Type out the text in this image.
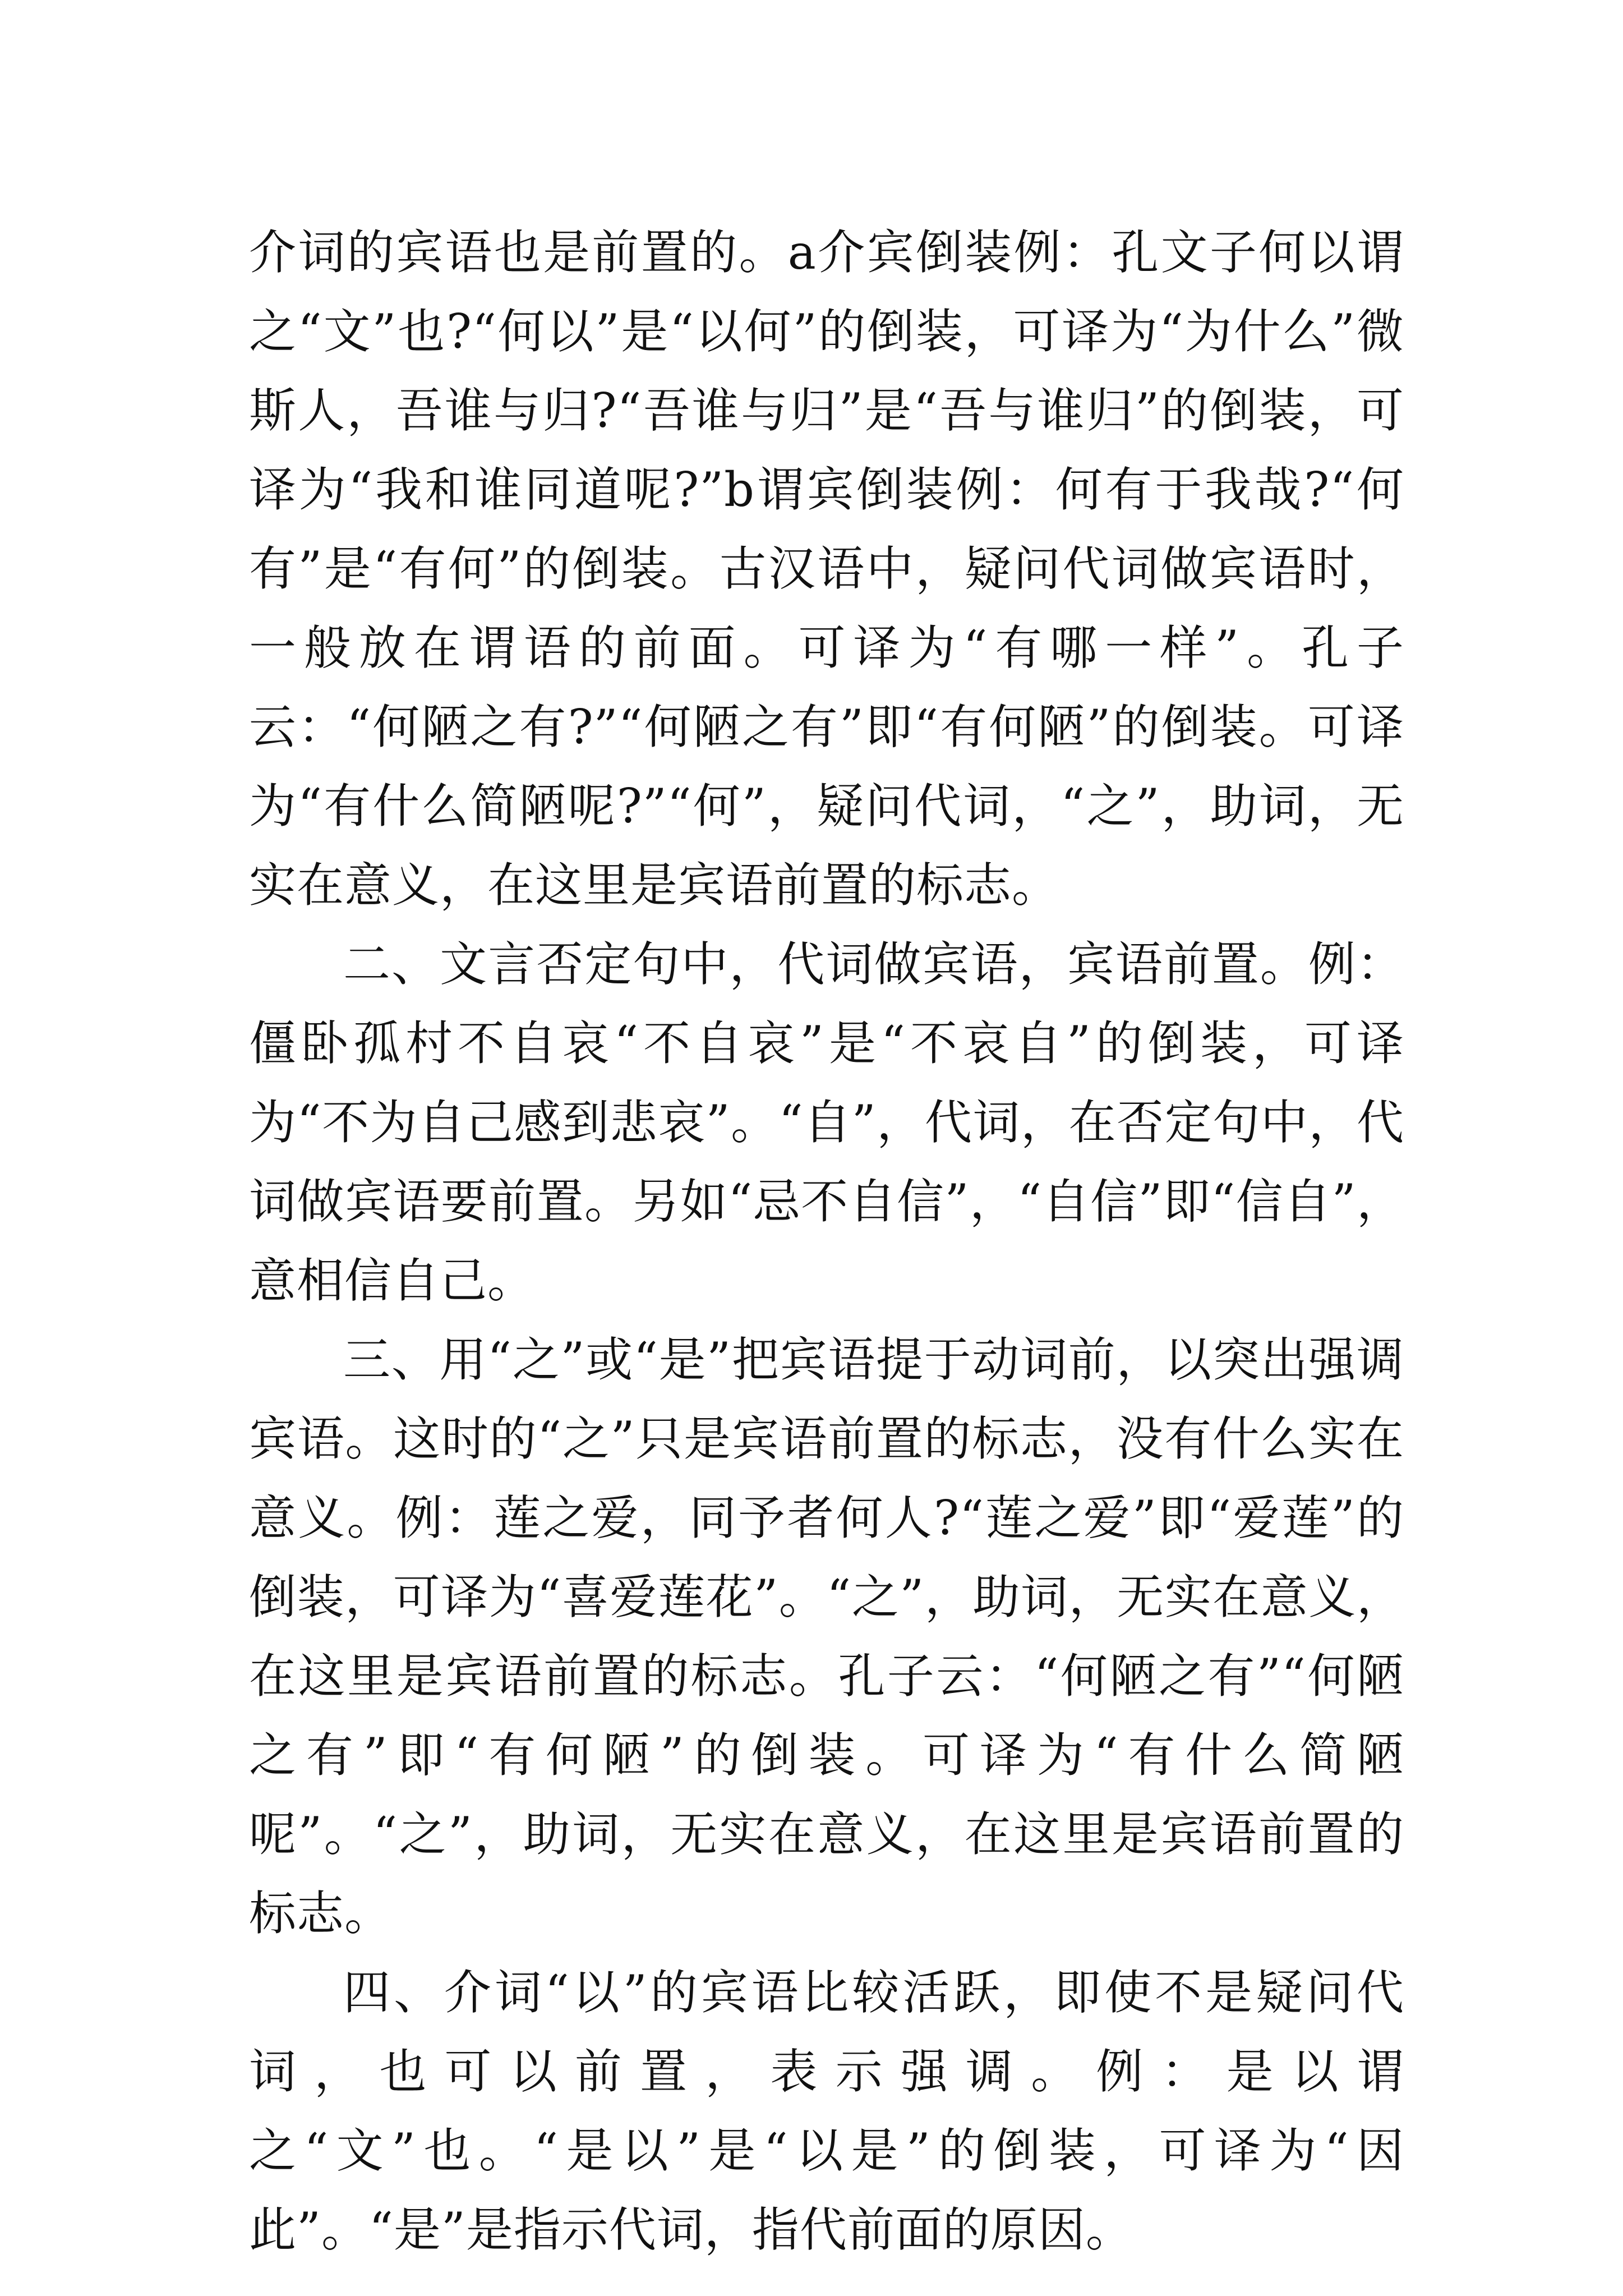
介词的宾语也是前置的。a介宾倒装例：孔文子何以谓之“文”也?“何以”是“以何”的倒装，可译为“为什么”微斯人，吾谁与归?“吾谁与归”是“吾与谁归”的倒装，可译为“我和谁同道呢?”b谓宾倒装例：何有于我哉?“何有”是“有何”的倒装。古汉语中，疑问代词做宾语时，一般放在谓语的前面。可译为“有哪一样”。孔子云：“何陋之有?”“何陋之有”即“有何陋”的倒装。可译为“有什么简陋呢?”“何”，疑问代词，“之”，助词，无实在意义，在这里是宾语前置的标志。

二、文言否定句中，代词做宾语，宾语前置。例：僵卧孤村不自哀“不自哀”是“不哀自”的倒装，可译为“不为自己感到悲哀”。“自”，代词，在否定句中，代词做宾语要前置。另如“忌不自信”，“自信”即“信自”，意相信自己。

三、用“之”或“是”把宾语提于动词前，以突出强调宾语。这时的“之”只是宾语前置的标志，没有什么实在意义。例：莲之爱，同予者何人?“莲之爱”即“爱莲”的倒装，可译为“喜爱莲花”。“之”，助词，无实在意义，在这里是宾语前置的标志。孔子云：“何陋之有”“何陋之有”即“有何陋”的倒装。可译为“有什么简陋呢”。“之”，助词，无实在意义，在这里是宾语前置的标志。

四、介词“以”的宾语比较活跃，即使不是疑问代词，也可以前置，表示强调。例：是以谓之“文”也。“是以”是“以是”的倒装，可译为“因此”。“是”是指示代词，指代前面的原因。
